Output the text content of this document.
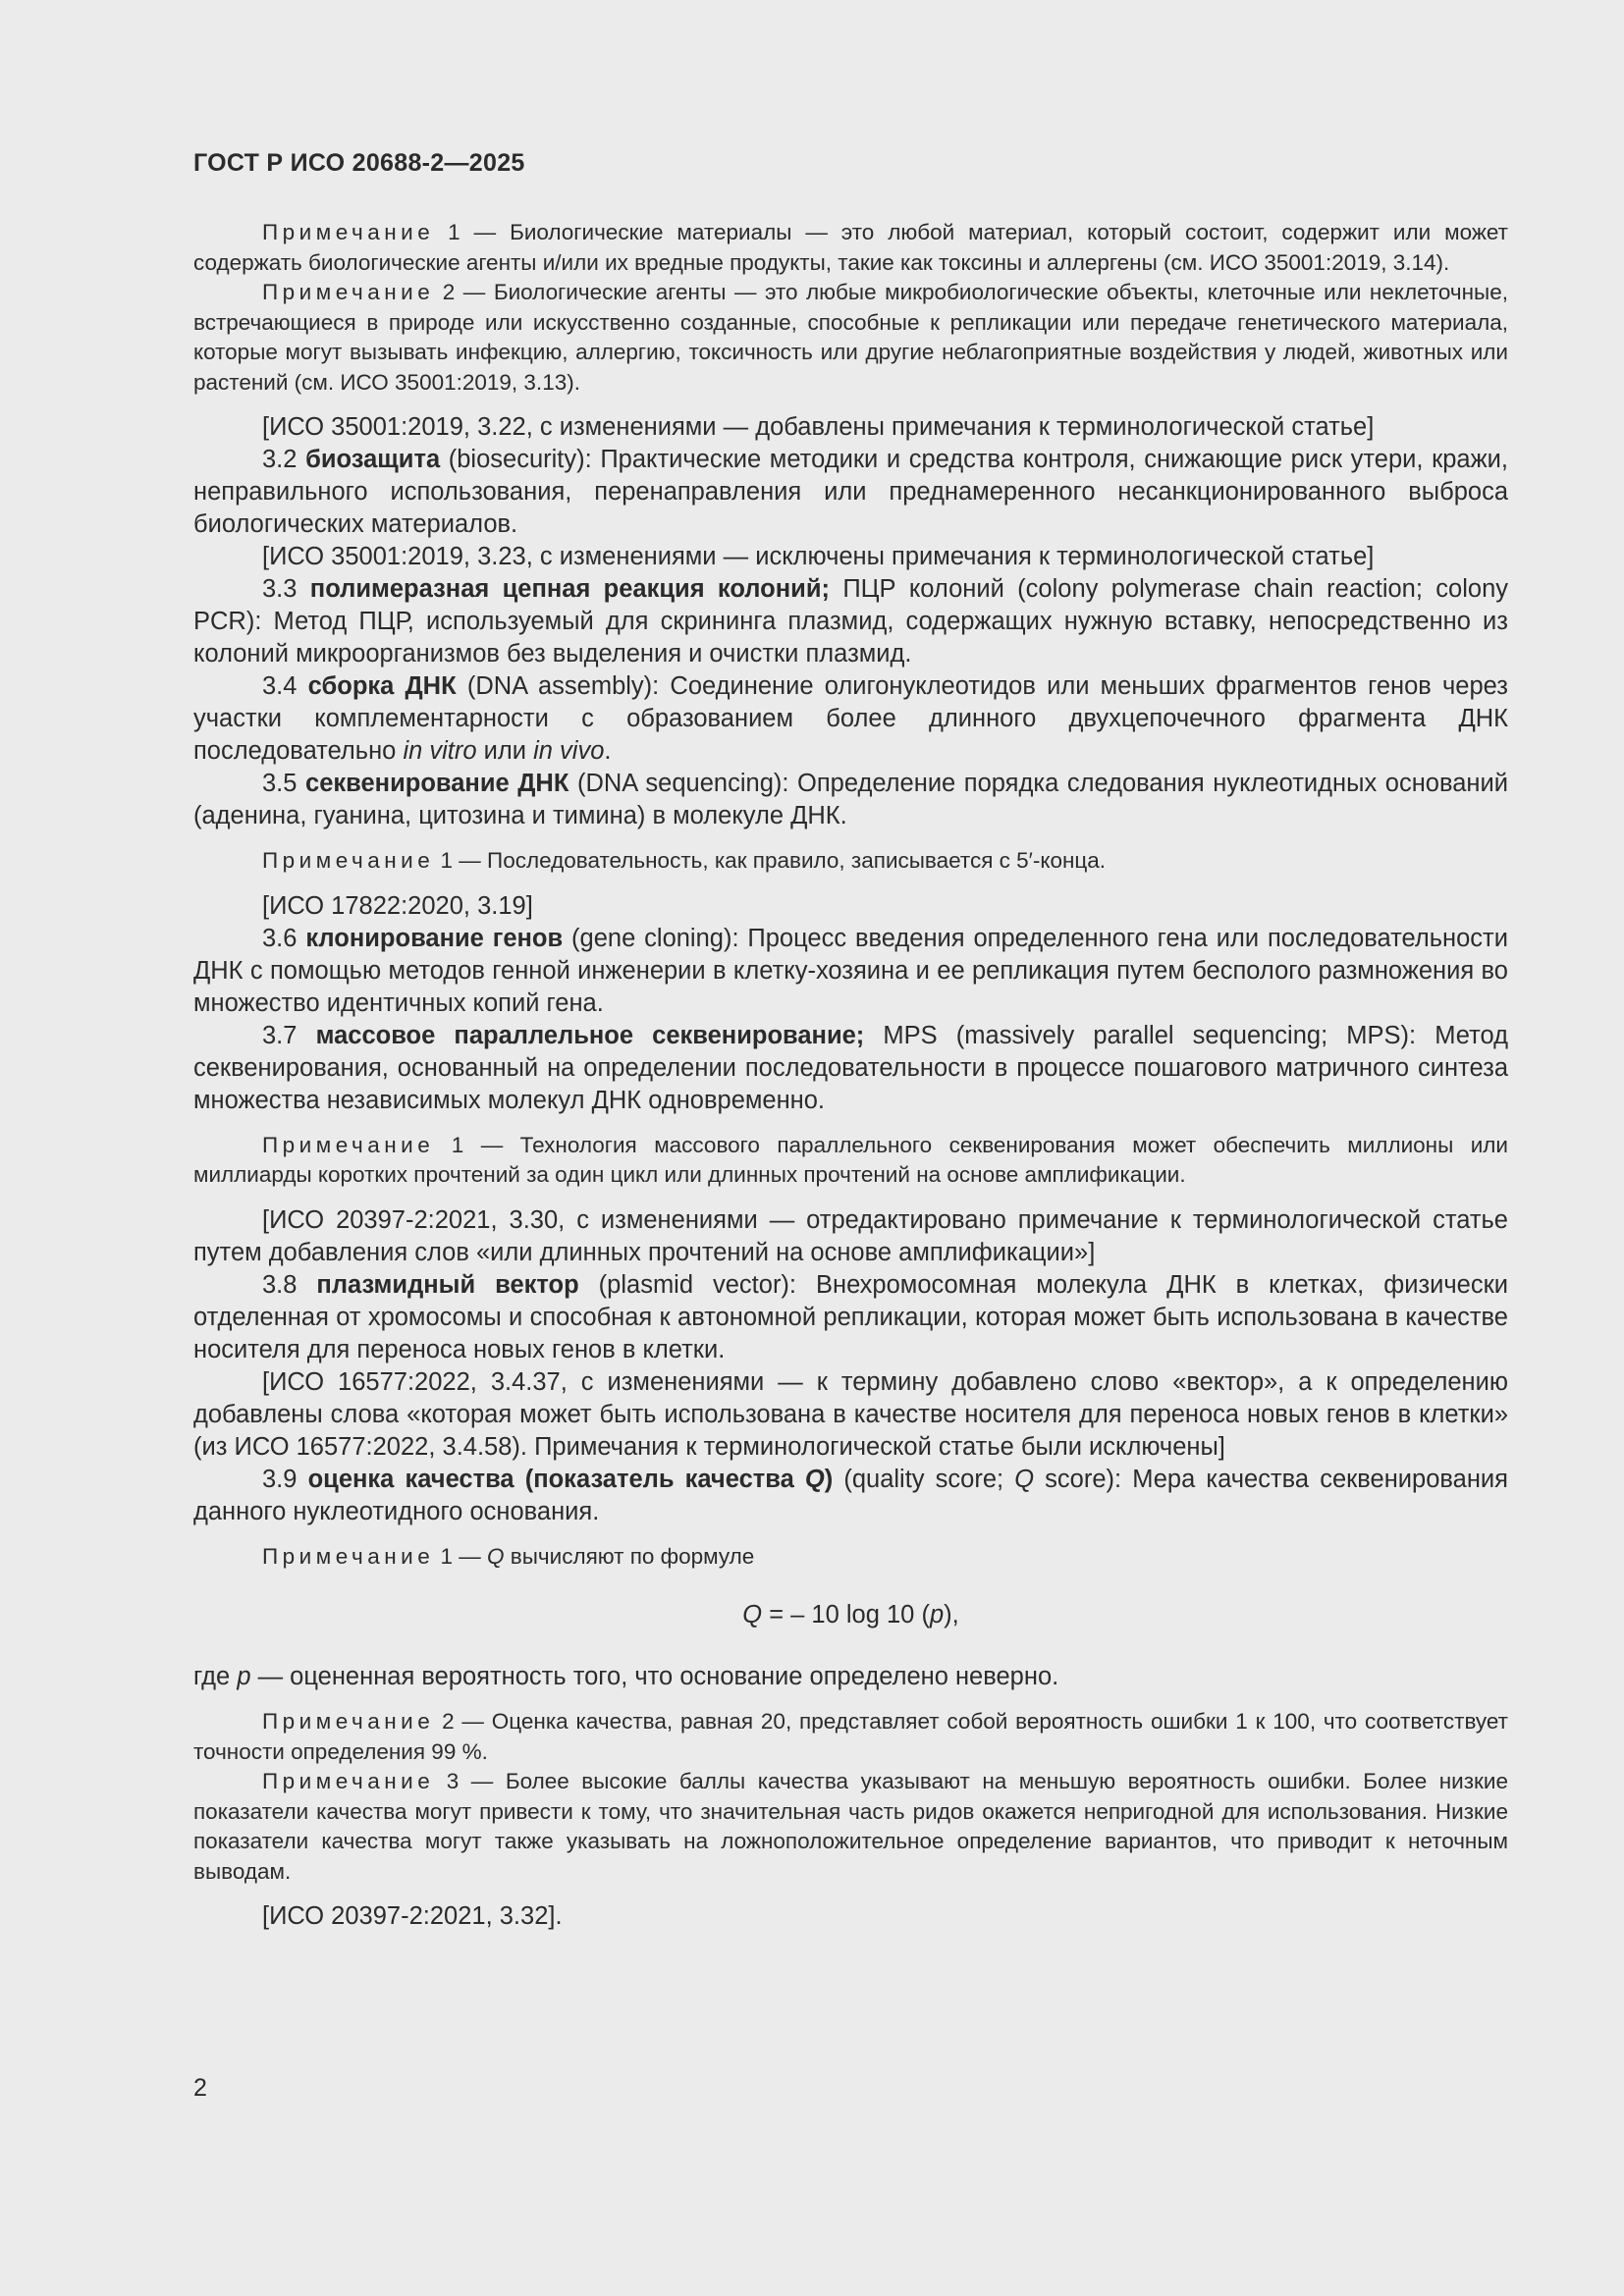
ГОСТ Р ИСО 20688-2—2025

Примечание 1 — Биологические материалы — это любой материал, который состоит, содержит или может содержать биологические агенты и/или их вредные продукты, такие как токсины и аллергены (см. ИСО 35001:2019, 3.14).

Примечание 2 — Биологические агенты — это любые микробиологические объекты, клеточные или неклеточные, встречающиеся в природе или искусственно созданные, способные к репликации или передаче генетического материала, которые могут вызывать инфекцию, аллергию, токсичность или другие неблагоприятные воздействия у людей, животных или растений (см. ИСО 35001:2019, 3.13).

[ИСО 35001:2019, 3.22, с изменениями — добавлены примечания к терминологической статье]

3.2 биозащита (biosecurity): Практические методики и средства контроля, снижающие риск утери, кражи, неправильного использования, перенаправления или преднамеренного несанкционированного выброса биологических материалов.

[ИСО 35001:2019, 3.23, с изменениями — исключены примечания к терминологической статье]

3.3 полимеразная цепная реакция колоний; ПЦР колоний (colony polymerase chain reaction; colony PCR): Метод ПЦР, используемый для скрининга плазмид, содержащих нужную вставку, непосредственно из колоний микроорганизмов без выделения и очистки плазмид.

3.4 сборка ДНК (DNA assembly): Соединение олигонуклеотидов или меньших фрагментов генов через участки комплементарности с образованием более длинного двухцепочечного фрагмента ДНК последовательно in vitro или in vivo.

3.5 секвенирование ДНК (DNA sequencing): Определение порядка следования нуклеотидных оснований (аденина, гуанина, цитозина и тимина) в молекуле ДНК.

Примечание 1 — Последовательность, как правило, записывается с 5′-конца.

[ИСО 17822:2020, 3.19]

3.6 клонирование генов (gene cloning): Процесс введения определенного гена или последовательности ДНК с помощью методов генной инженерии в клетку-хозяина и ее репликация путем бесполого размножения во множество идентичных копий гена.

3.7 массовое параллельное секвенирование; MPS (massively parallel sequencing; MPS): Метод секвенирования, основанный на определении последовательности в процессе пошагового матричного синтеза множества независимых молекул ДНК одновременно.

Примечание 1 — Технология массового параллельного секвенирования может обеспечить миллионы или миллиарды коротких прочтений за один цикл или длинных прочтений на основе амплификации.

[ИСО 20397-2:2021, 3.30, с изменениями — отредактировано примечание к терминологической статье путем добавления слов «или длинных прочтений на основе амплификации»]

3.8 плазмидный вектор (plasmid vector): Внехромосомная молекула ДНК в клетках, физически отделенная от хромосомы и способная к автономной репликации, которая может быть использована в качестве носителя для переноса новых генов в клетки.

[ИСО 16577:2022, 3.4.37, с изменениями — к термину добавлено слово «вектор», а к определению добавлены слова «которая может быть использована в качестве носителя для переноса новых генов в клетки» (из ИСО 16577:2022, 3.4.58). Примечания к терминологической статье были исключены]

3.9 оценка качества (показатель качества Q) (quality score; Q score): Мера качества секвенирования данного нуклеотидного основания.

Примечание 1 — Q вычисляют по формуле

Q = – 10 log 10 (p),

где p — оцененная вероятность того, что основание определено неверно.

Примечание 2 — Оценка качества, равная 20, представляет собой вероятность ошибки 1 к 100, что соответствует точности определения 99 %.

Примечание 3 — Более высокие баллы качества указывают на меньшую вероятность ошибки. Более низкие показатели качества могут привести к тому, что значительная часть ридов окажется непригодной для использования. Низкие показатели качества могут также указывать на ложноположительное определение вариантов, что приводит к неточным выводам.

[ИСО 20397-2:2021, 3.32].

2
